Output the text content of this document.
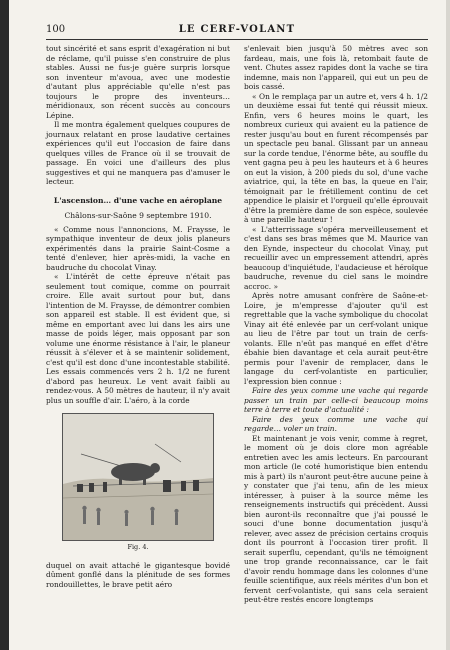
100	LE CERF-VOLANT

tout sincérité et sans esprit d'exagération ni but de réclame, qu'il puisse s'en construire de plus stables. Aussi ne fus-je guère surpris lorsque son inventeur m'avoua, avec une modestie d'autant plus appréciable qu'elle n'est pas toujours le propre des inventeurs… méridionaux, son récent succès au concours Lépine.

Il me montra également quelques coupures de journaux relatant en prose laudative certaines expériences qu'il eut l'occasion de faire dans quelques villes de France où il se trouvait de passage. En voici une d'ailleurs des plus suggestives et qui ne manquera pas d'amuser le lecteur.

L'ascension… d'une vache en aéroplane
Châlons-sur-Saône 9 septembre 1910.

« Comme nous l'annoncions, M. Fraysse, le sympathique inventeur de deux jolis planeurs expérimentés dans la prairie Saint-Cosme a tenté d'enlever, hier après-midi, la vache en baudruche du chocolat Vinay.

« L'intérêt de cette épreuve n'était pas seulement tout comique, comme on pourrait croire. Elle avait surtout pour but, dans l'intention de M. Fraysse, de démontrer combien son appareil est stable. Il est évident que, si même en emportant avec lui dans les airs une masse de poids léger, mais opposant par son volume une énorme résistance à l'air, le planeur réussit à s'élever et à se maintenir solidement, c'est qu'il est donc d'une incontestable stabilité. Les essais commencés vers 2 h. 1/2 ne furent d'abord pas heureux. Le vent avait faibli au rendez-vous. A 50 mètres de hauteur, il n'y avait plus un souffle d'air. L'aéro, à la corde

Fig. 4.

duquel on avait attaché le gigantesque bovidé dûment gonflé dans la plénitude de ses formes rondouillettes, le brave petit aéro

s'enlevait bien jusqu'à 50 mètres avec son fardeau, mais, une fois là, retombait faute de vent. Chutes assez rapides dont la vache se tira indemne, mais non l'appareil, qui eut un peu de bois cassé.

« On le remplaça par un autre et, vers 4 h. 1/2 un deuxième essai fut tenté qui réussit mieux. Enfin, vers 6 heures moins le quart, les nombreux curieux qui avaient eu la patience de rester jusqu'au bout en furent récompensés par un spectacle peu banal. Glissant par un anneau sur la corde tendue, l'énorme bête, au souffle du vent gagna peu à peu les hauteurs et à 6 heures on eut la vision, à 200 pieds du sol, d'une vache aviatrice, qui, la tête en bas, la queue en l'air, témoignait par le frétillement continu de cet appendice le plaisir et l'orgueil qu'elle éprouvait d'être la première dame de son espèce, soulevée à une pareille hauteur !

« L'atterrissage s'opéra merveilleusement et c'est dans ses bras mêmes que M. Maurice van den Eynde, inspecteur du chocolat Vinay, put recueillir avec un empressement attendri, après beaucoup d'inquiétude, l'audacieuse et héroïque baudruche, revenue du ciel sans le moindre accroc. »

Après notre amusant confrère de Saône-et-Loire, je m'empresse d'ajouter qu'il est regrettable que la vache symbolique du chocolat Vinay ait été enlevée par un cerf-volant unique au lieu de l'être par tout un train de cerfs-volants. Elle n'eût pas manqué en effet d'être ébahie bien davantage et cela aurait peut-être permis pour l'avenir de remplacer, dans le langage du cerf-volantiste en particulier, l'expression bien connue :

Faire des yeux comme une vache qui regarde passer un train par celle-ci beaucoup moins terre à terre et toute d'actualité :

Faire des yeux comme une vache qui regarde… voler un train.

Et maintenant je vois venir, comme à regret, le moment où je dois clore mon agréable entretien avec les amis lecteurs. En parcourant mon article (le coté humoristique bien entendu mis à part) ils n'auront peut-être aucune peine à y constater que j'ai tenu, afin de les mieux intéresser, à puiser à la source même les renseignements instructifs qui précèdent. Aussi bien auront-ils reconnaître que j'ai poussé le souci d'une bonne documentation jusqu'à relever, avec assez de précision certains croquis dont ils pourront à l'occasion tirer profit. Il serait superflu, cependant, qu'ils ne témoignent une trop grande reconnaissance, car le fait d'avoir rendu hommage dans les colonnes d'une feuille scientifique, aux réels mérites d'un bon et fervent cerf-volantiste, qui sans cela seraient peut-être restés encore longtemps
